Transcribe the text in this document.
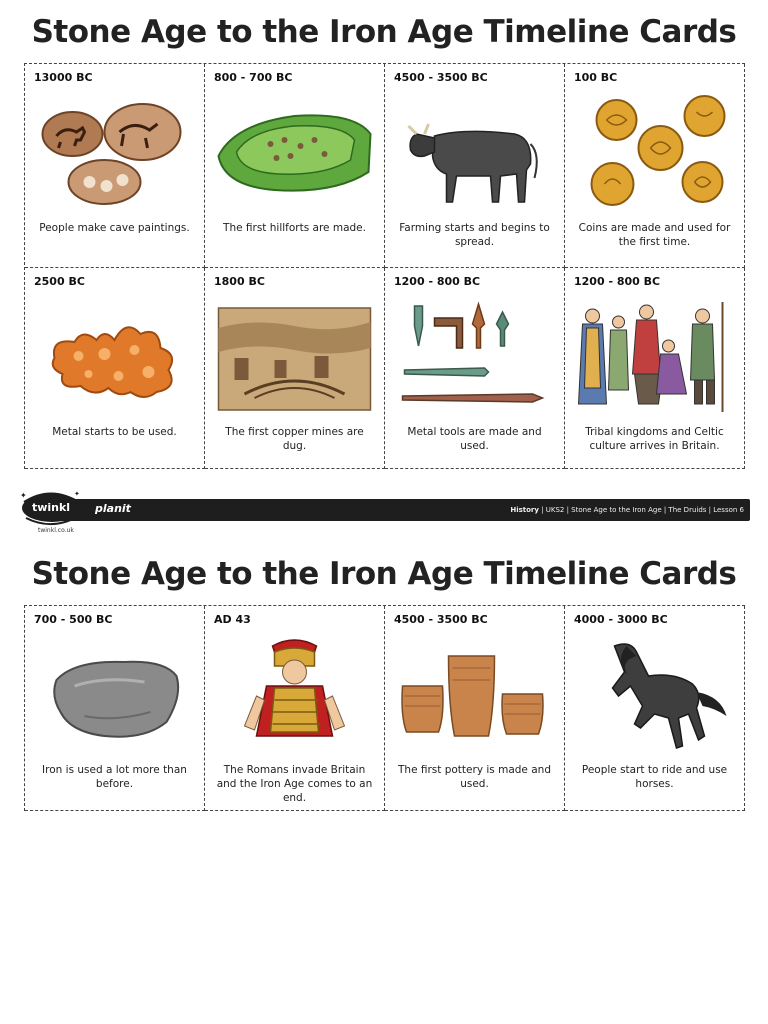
Stone Age to the Iron Age Timeline Cards
13000 BC
People make cave paintings.
800 - 700 BC
The first hillforts are made.
4500 - 3500 BC
Farming starts and begins to spread.
100 BC
Coins are made and used for the first time.
2500 BC
Metal starts to be used.
1800 BC
The first copper mines are dug.
1200 - 800 BC
Metal tools are made and used.
1200 - 800 BC
Tribal kingdoms and Celtic culture arrives in Britain.
✦	✦
twinkl	planit	History | UKS2 | Stone Age to the Iron Age | The Druids | Lesson 6
twinkl.co.uk
Stone Age to the Iron Age Timeline Cards
700 - 500 BC
Iron is used a lot more than before.
AD 43
The Romans invade Britain and the Iron Age comes to an end.
4500 - 3500 BC
The first pottery is made and used.
4000 - 3000 BC
People start to ride and use horses.
